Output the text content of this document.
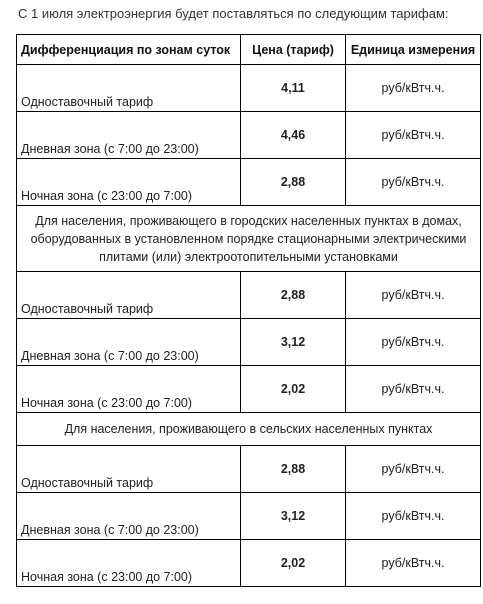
С 1 июля электроэнергия будет поставляться по следующим тарифам:
Дифференциация по зонам суток	Цена (тариф)	Единица измерения
Одноставочный тариф	4,11	руб/кВтч.ч.
Дневная зона (с 7:00 до 23:00)	4,46	руб/кВтч.ч.
Ночная зона (с 23:00 до 7:00)	2,88	руб/кВтч.ч.
Для населения, проживающего в городских населенных пунктах в домах, оборудованных в установленном порядке стационарными электрическими плитами (или) электроотопительными установками		
Одноставочный тариф	2,88	руб/кВтч.ч.
Дневная зона (с 7:00 до 23:00)	3,12	руб/кВтч.ч.
Ночная зона (с 23:00 до 7:00)	2,02	руб/кВтч.ч.
Для населения, проживающего в сельских населенных пунктах		
Одноставочный тариф	2,88	руб/кВтч.ч.
Дневная зона (с 7:00 до 23:00)	3,12	руб/кВтч.ч.
Ночная зона (с 23:00 до 7:00)	2,02	руб/кВтч.ч.
